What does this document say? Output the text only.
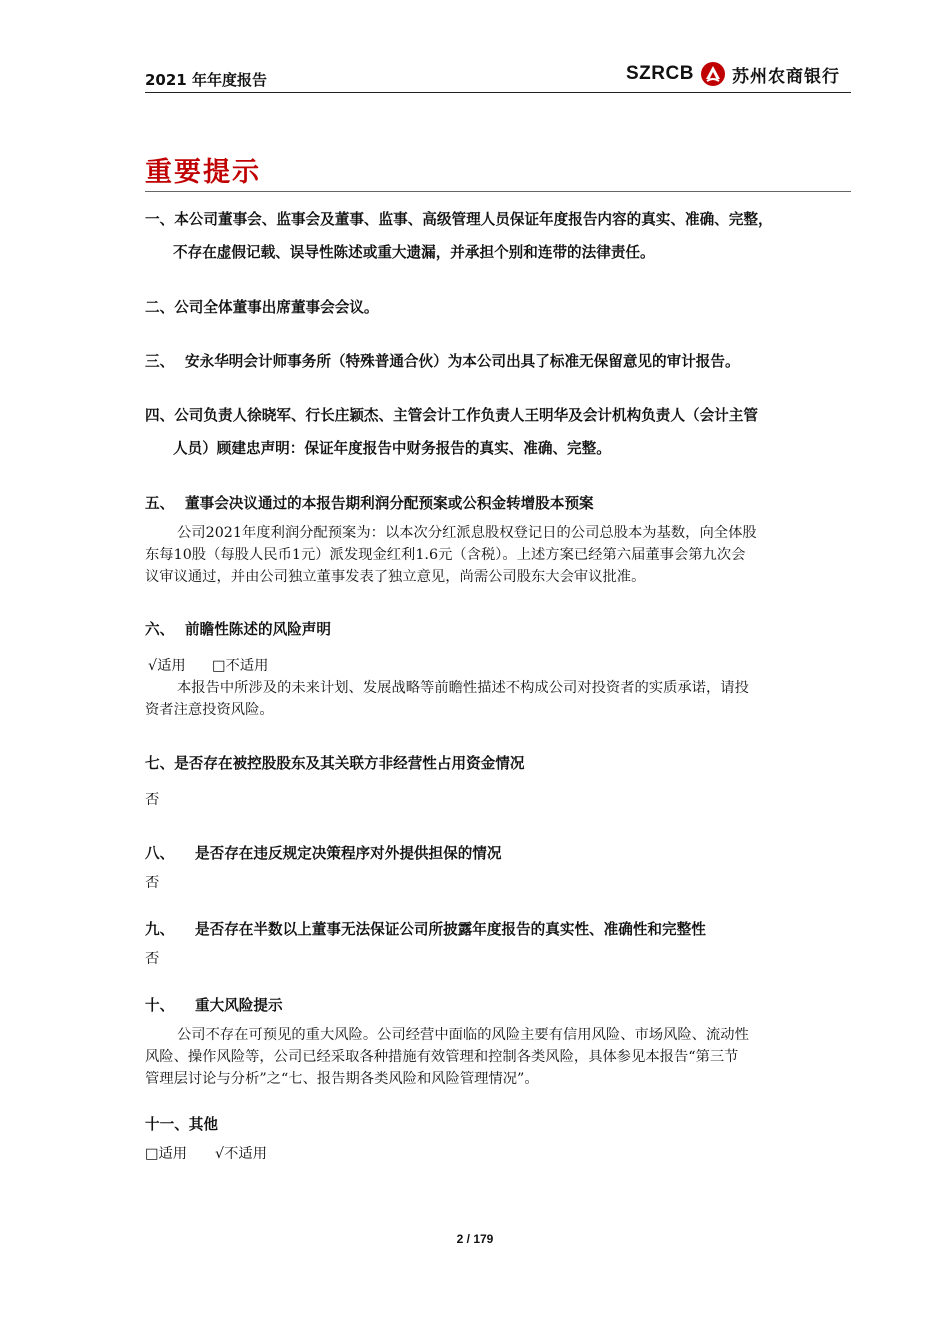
2021 年年度报告	SZRCB 苏州农商银行
重要提示
一、本公司董事会、监事会及董事、监事、高级管理人员保证年度报告内容的真实、准确、完整，
不存在虚假记载、误导性陈述或重大遗漏，并承担个别和连带的法律责任。
二、公司全体董事出席董事会会议。
三、 安永华明会计师事务所（特殊普通合伙）为本公司出具了标准无保留意见的审计报告。
四、公司负责人徐晓军、行长庄颖杰、主管会计工作负责人王明华及会计机构负责人（会计主管
人员）顾建忠声明：保证年度报告中财务报告的真实、准确、完整。
五、 董事会决议通过的本报告期利润分配预案或公积金转增股本预案
公司2021年度利润分配预案为：以本次分红派息股权登记日的公司总股本为基数，向全体股
东每10股（每股人民币1元）派发现金红利1.6元（含税）。上述方案已经第六届董事会第九次会
议审议通过，并由公司独立董事发表了独立意见，尚需公司股东大会审议批准。
六、 前瞻性陈述的风险声明
√适用 □不适用
本报告中所涉及的未来计划、发展战略等前瞻性描述不构成公司对投资者的实质承诺，请投
资者注意投资风险。
七、是否存在被控股股东及其关联方非经营性占用资金情况
否
八、 是否存在违反规定决策程序对外提供担保的情况
否
九、 是否存在半数以上董事无法保证公司所披露年度报告的真实性、准确性和完整性
否
十、 重大风险提示
公司不存在可预见的重大风险。公司经营中面临的风险主要有信用风险、市场风险、流动性
风险、操作风险等，公司已经采取各种措施有效管理和控制各类风险，具体参见本报告“第三节
管理层讨论与分析”之“七、报告期各类风险和风险管理情况”。
十一、其他
□适用 √不适用
2 / 179
